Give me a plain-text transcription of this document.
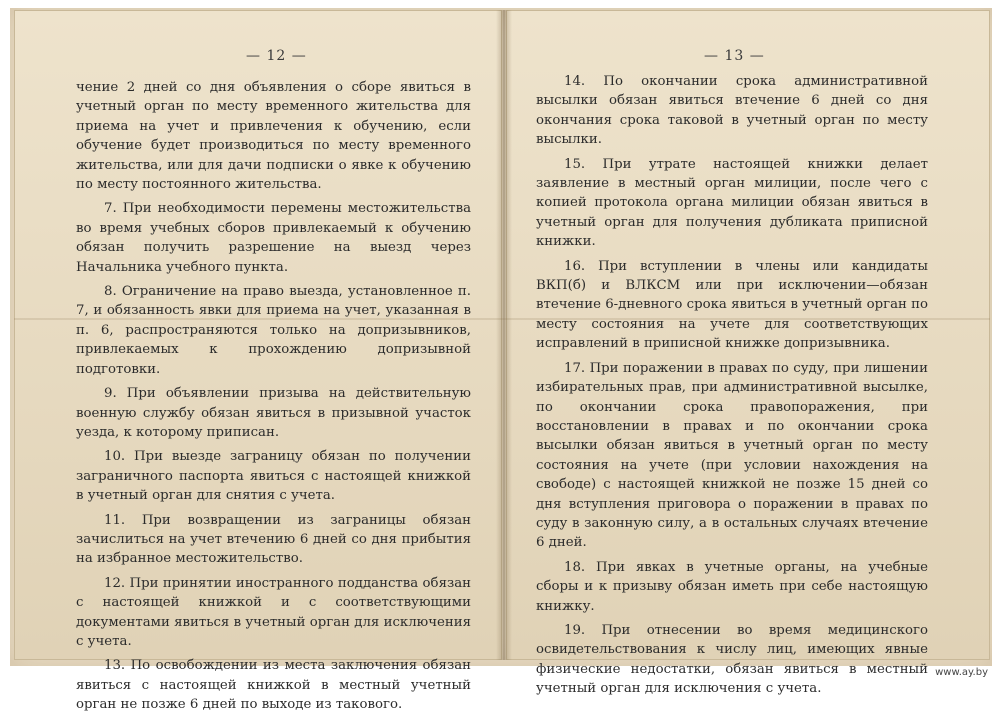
— 12 —	— 13 —

чение 2 дней со дня объявления о сборе явиться в учетный орган по месту временного жительства для приема на учет и привлечения к обучению, если обучение будет производиться по месту временного жительства, или для дачи подписки о явке к обучению по месту постоянного жительства.

7. При необходимости перемены местожительства во время учебных сборов привлекаемый к обучению обязан получить разрешение на выезд через Начальника учебного пункта.

8. Ограничение на право выезда, установленное п. 7, и обязанность явки для приема на учет, указанная в п. 6, распространяются только на допризывников, привлекаемых к прохождению допризывной подготовки.

9. При объявлении призыва на действительную военную службу обязан явиться в призывной участок уезда, к которому приписан.

10. При выезде заграницу обязан по получении заграничного паспорта явиться с настоящей книжкой в учетный орган для снятия с учета.

11. При возвращении из заграницы обязан зачислиться на учет втечению 6 дней со дня прибытия на избранное местожительство.

12. При принятии иностранного подданства обязан с настоящей книжкой и с соответствующими документами явиться в учетный орган для исключения с учета.

13. По освобождении из места заключения обязан явиться с настоящей книжкой в местный учетный орган не позже 6 дней по выходе из такового.

14. По окончании срока административной высылки обязан явиться втечение 6 дней со дня окончания срока таковой в учетный орган по месту высылки.

15. При утрате настоящей книжки делает заявление в местный орган милиции, после чего с копией протокола органа милиции обязан явиться в учетный орган для получения дубликата приписной книжки.

16. При вступлении в члены или кандидаты ВКП(б) и ВЛКСМ или при исключении—обязан втечение 6-дневного срока явиться в учетный орган по месту состояния на учете для соответствующих исправлений в приписной книжке допризывника.

17. При поражении в правах по суду, при лишении избирательных прав, при административной высылке, по окончании срока правопоражения, при восстановлении в правах и по окончании срока высылки обязан явиться в учетный орган по месту состояния на учете (при условии нахождения на свободе) с настоящей книжкой не позже 15 дней со дня вступления приговора о поражении в правах по суду в законную силу, а в остальных случаях втечение 6 дней.

18. При явках в учетные органы, на учебные сборы и к призыву обязан иметь при себе настоящую книжку.

19. При отнесении во время медицинского освидетельствования к числу лиц, имеющих явные физические недостатки, обязан явиться в местный учетный орган для исключения с учета.

www.ay.by
